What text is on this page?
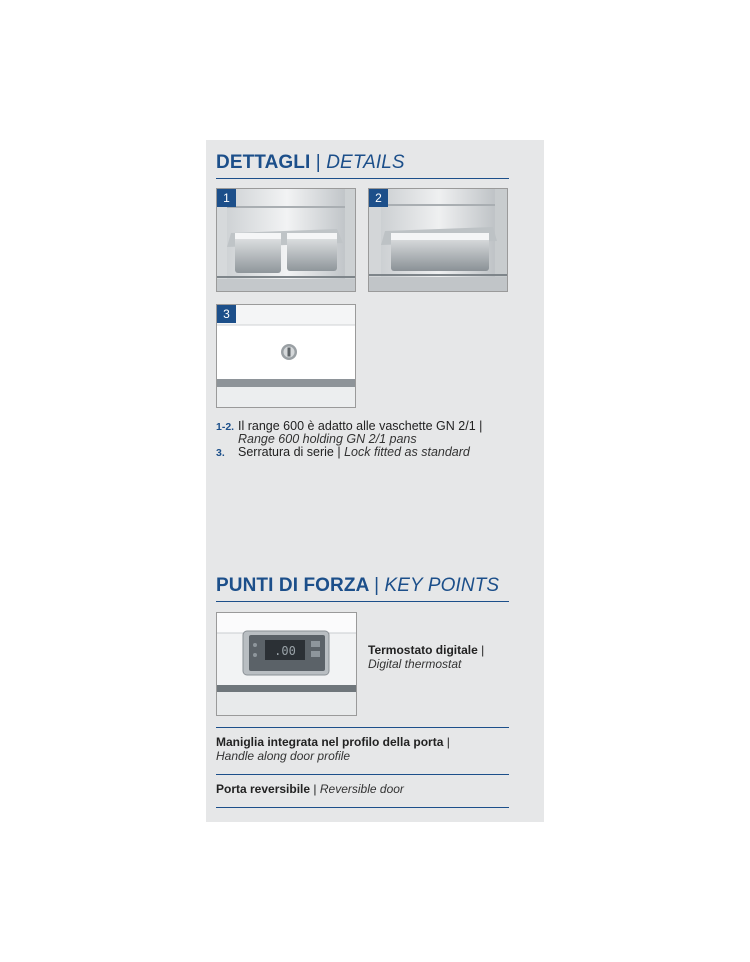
DETTAGLI | DETAILS
1	2
3
1-2. Il range 600 è adatto alle vaschette GN 2/1 | Range 600 holding GN 2/1 pans
3. Serratura di serie | Lock fitted as standard
PUNTI DI FORZA | KEY POINTS
.00	Termostato digitale |
Digital thermostat
Maniglia integrata nel profilo della porta |
Handle along door profile
Porta reversibile | Reversible door
